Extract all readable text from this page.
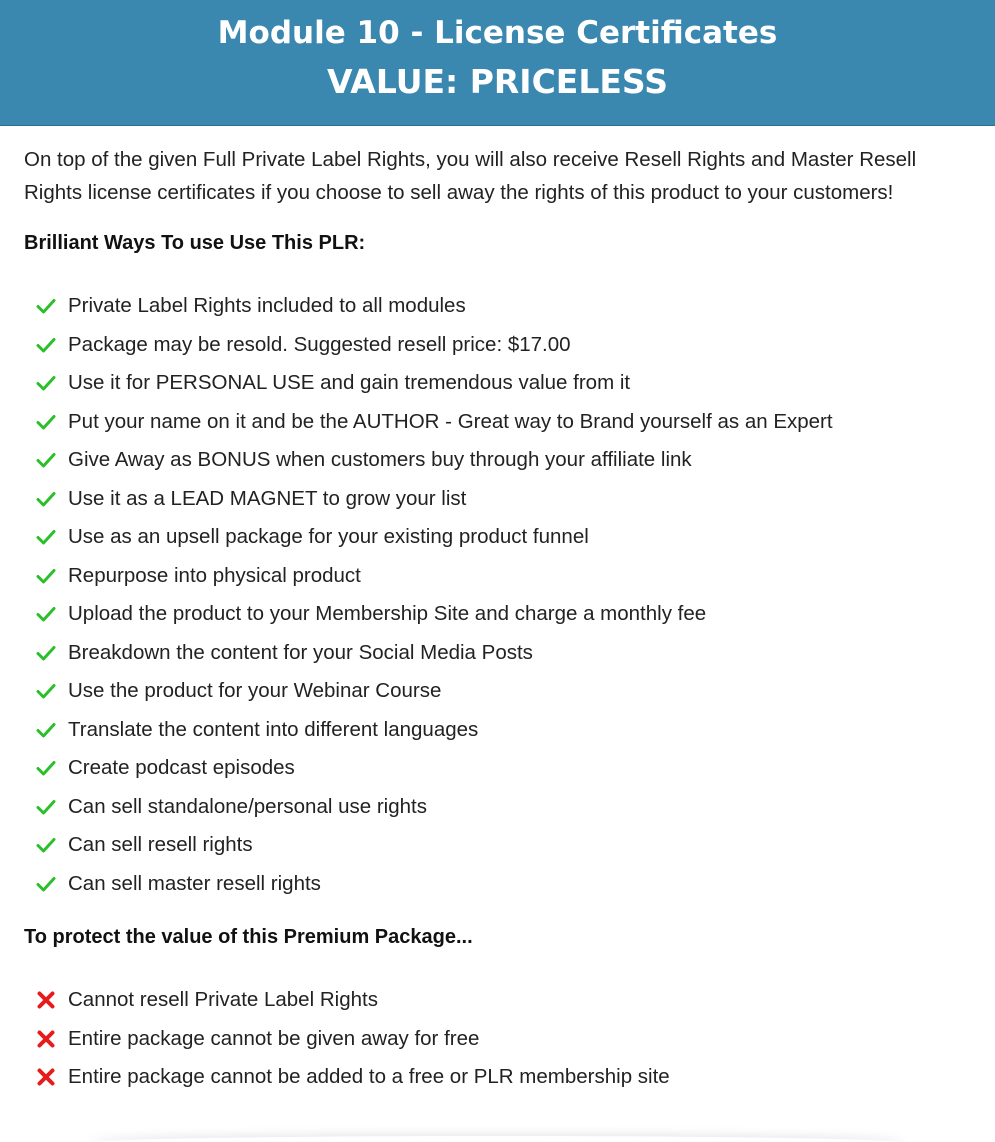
Module 10 - License Certificates
VALUE: PRICELESS

On top of the given Full Private Label Rights, you will also receive Resell Rights and Master Resell Rights license certificates if you choose to sell away the rights of this product to your customers!

Brilliant Ways To use Use This PLR:
Private Label Rights included to all modules
Package may be resold. Suggested resell price: $17.00
Use it for PERSONAL USE and gain tremendous value from it
Put your name on it and be the AUTHOR - Great way to Brand yourself as an Expert
Give Away as BONUS when customers buy through your affiliate link
Use it as a LEAD MAGNET to grow your list
Use as an upsell package for your existing product funnel
Repurpose into physical product
Upload the product to your Membership Site and charge a monthly fee
Breakdown the content for your Social Media Posts
Use the product for your Webinar Course
Translate the content into different languages
Create podcast episodes
Can sell standalone/personal use rights
Can sell resell rights
Can sell master resell rights
To protect the value of this Premium Package...
Cannot resell Private Label Rights
Entire package cannot be given away for free
Entire package cannot be added to a free or PLR membership site
